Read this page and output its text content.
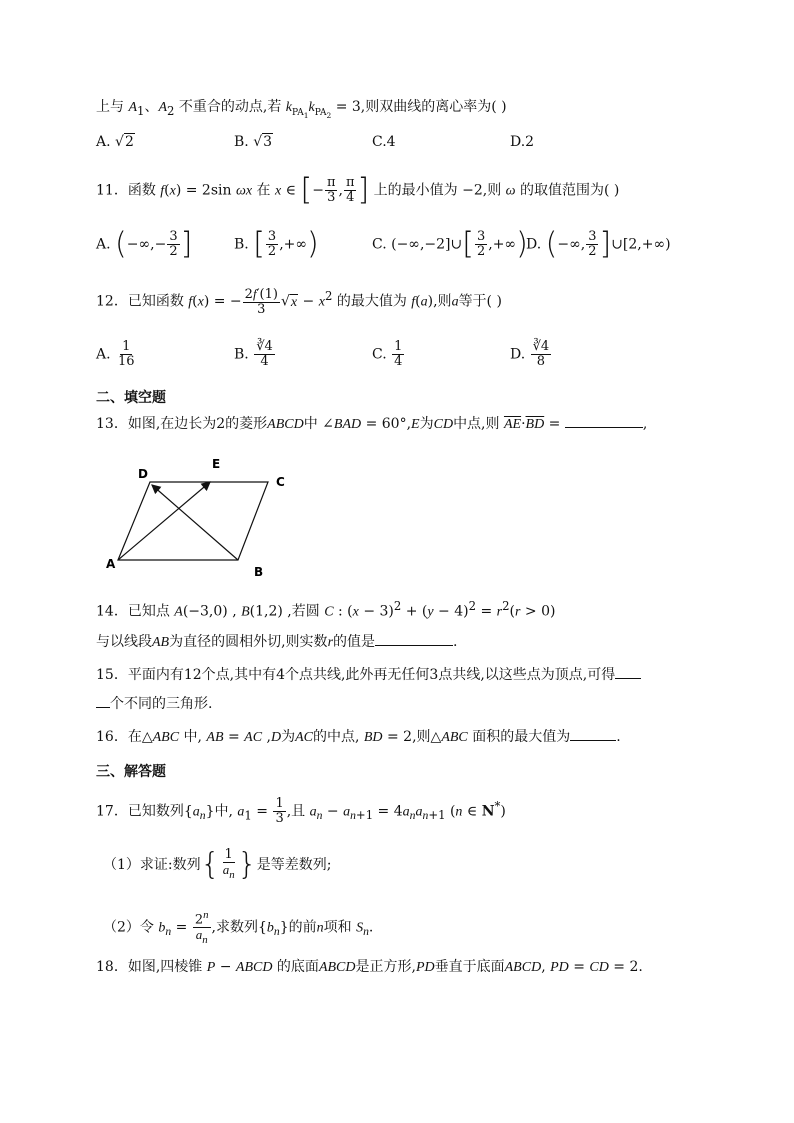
上与 $A_1$、$A_2$ 不重合的动点,若 $k_{PA_1}k_{PA_2} = 3$,则双曲线的离心率为( )
A. √2	B. √3	C.4	D.2
11．函数 f(x) = 2sin ωx 在 x ∈ [− $\frac{\pi}{3}$ , $\frac{\pi}{4}$ ] 上的最小值为 −2,则 ω 的取值范围为( )
A. (−∞,− $\frac{3}{2}$ ]	B. [ $\frac{3}{2}$ ,+∞)	C. (−∞,−2]∪[ $\frac{3}{2}$ ,+∞)
D. (−∞, $\frac{3}{2}$ ]∪[2,+∞)
12．已知函数 f(x) = − $\frac{2f'(1)}{3} √x - x^2$ 的最大值为 f(a),则a等于( )
A. $\frac{1}{16}$	B. $\frac{∛4}{4}$	C. $\frac{1}{4}$	D. $\frac{∛4}{8}$
二、填空题
13．如图,在边长为2的菱形ABCD中 ∠BAD = 60°,E为CD中点,则 $\overline{AE}\cdot\overline{BD}$ =	,
D
E
C
A
B
14．已知点 A(−3,0) , B(1,2) ,若圆 C : $(x - 3)^2 + (y - 4)^2 = r^2(r > 0)$
与以线段AB为直径的圆相外切,则实数r的值是	.
15．平面内有12个点,其中有4个点共线,此外再无任何3点共线,以这些点为顶点,可得
个不同的三角形.
16．在△ABC 中, AB = AC ,D为AC的中点, BD = 2,则△ABC 面积的最大值为	.
三、解答题
17．已知数列$\{a_n\}$中, $a_1 = \frac{1}{3}$ ,且 $a_n - a_{n+1} = 4a_na_{n+1}$ (n ∈ N*)
（1）求证:数列{ $\frac{1}{a_n}$ }是等差数列;
（2）令 $b_n = \frac{2^n}{a_n}$ ,求数列$\{b_n\}$的前n项和 $S_n$.
18．如图,四棱锥 P − ABCD 的底面ABCD是正方形,PD垂直于底面ABCD, PD = CD = 2.
